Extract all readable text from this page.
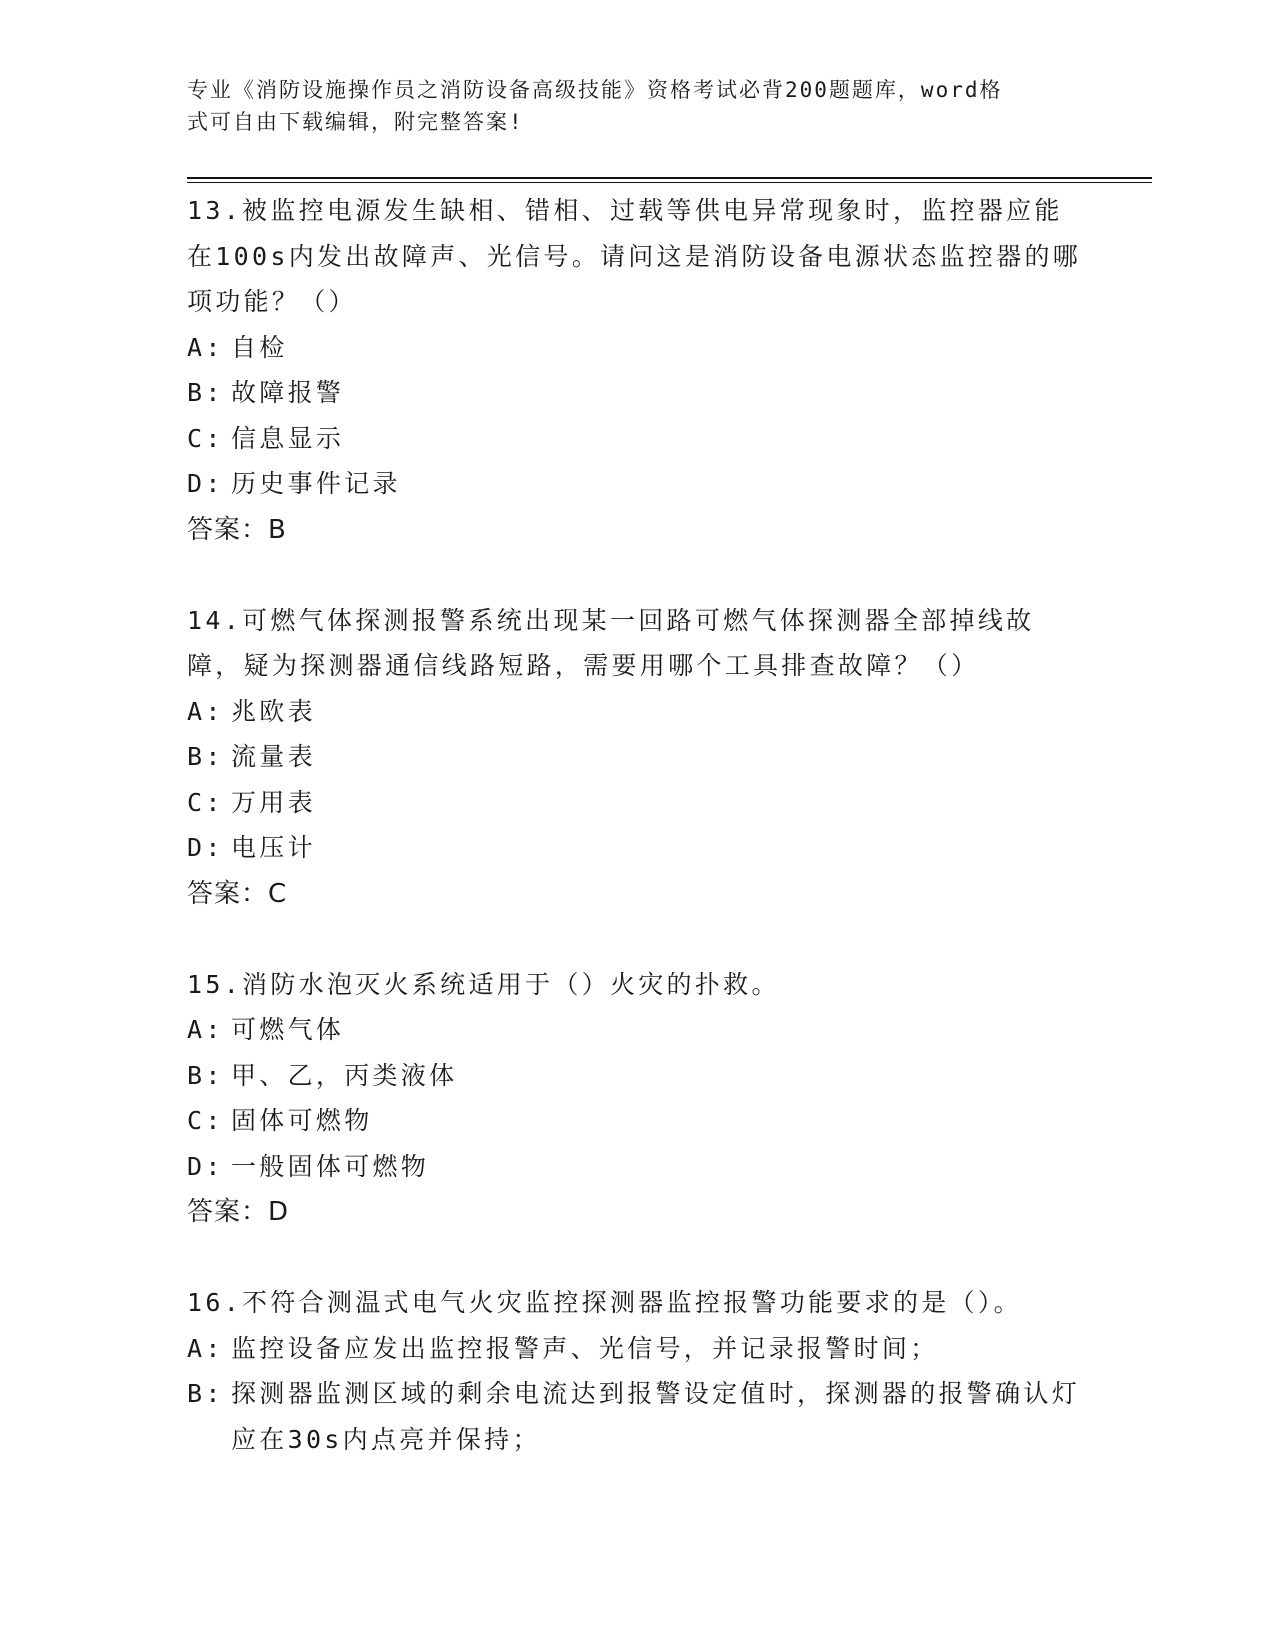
专业《消防设施操作员之消防设备高级技能》资格考试必背200题题库，word格
式可自由下载编辑，附完整答案!
13.被监控电源发生缺相、错相、过载等供电异常现象时，监控器应能在100s内发出故障声、光信号。请问这是消防设备电源状态监控器的哪项功能？（）
A: 自检
B: 故障报警
C: 信息显示
D: 历史事件记录
答案：B
14.可燃气体探测报警系统出现某一回路可燃气体探测器全部掉线故障，疑为探测器通信线路短路，需要用哪个工具排查故障？（）
A: 兆欧表
B: 流量表
C: 万用表
D: 电压计
答案：C
15.消防水泡灭火系统适用于（）火灾的扑救。
A: 可燃气体
B: 甲、乙，丙类液体
C: 固体可燃物
D: 一般固体可燃物
答案：D
16.不符合测温式电气火灾监控探测器监控报警功能要求的是（）。
A: 监控设备应发出监控报警声、光信号，并记录报警时间；
B: 探测器监测区域的剩余电流达到报警设定值时，探测器的报警确认灯应在30s内点亮并保持；
